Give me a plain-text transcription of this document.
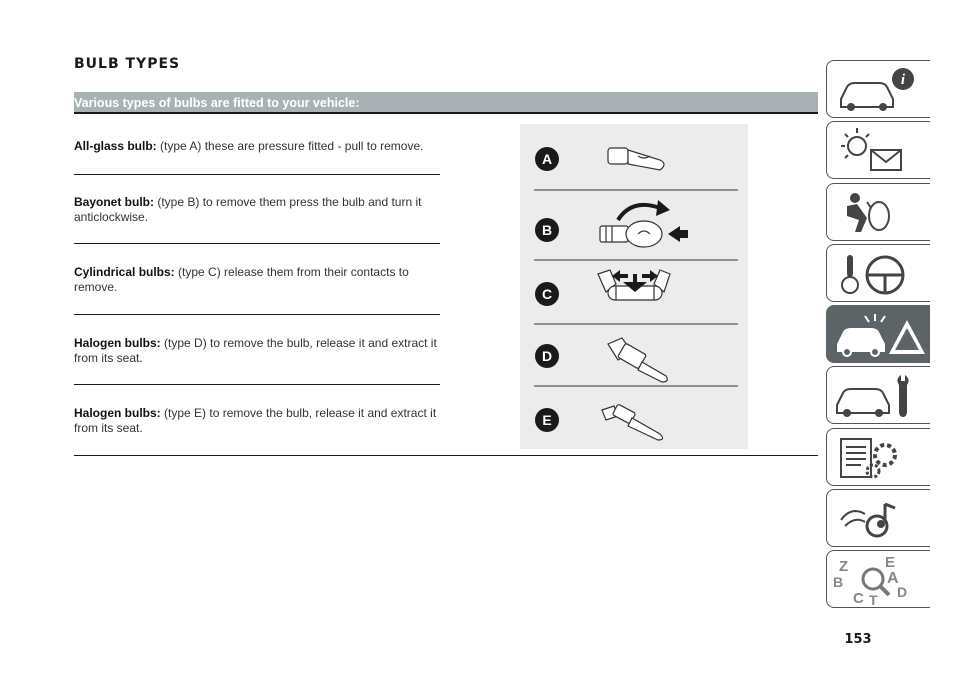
BULB TYPES
Various types of bulbs are fitted to your vehicle:
All-glass bulb: (type A) these are pressure fitted - pull to remove.
Bayonet bulb: (type B) to remove them press the bulb and turn it anticlockwise.
Cylindrical bulbs: (type C) release them from their contacts to remove.
Halogen bulbs: (type D) to remove the bulb, release it and extract it from its seat.
Halogen bulbs: (type E) to remove the bulb, release it and extract it from its seat.
A
B
C
D
E
i
Z E
B	A
C T D
153
